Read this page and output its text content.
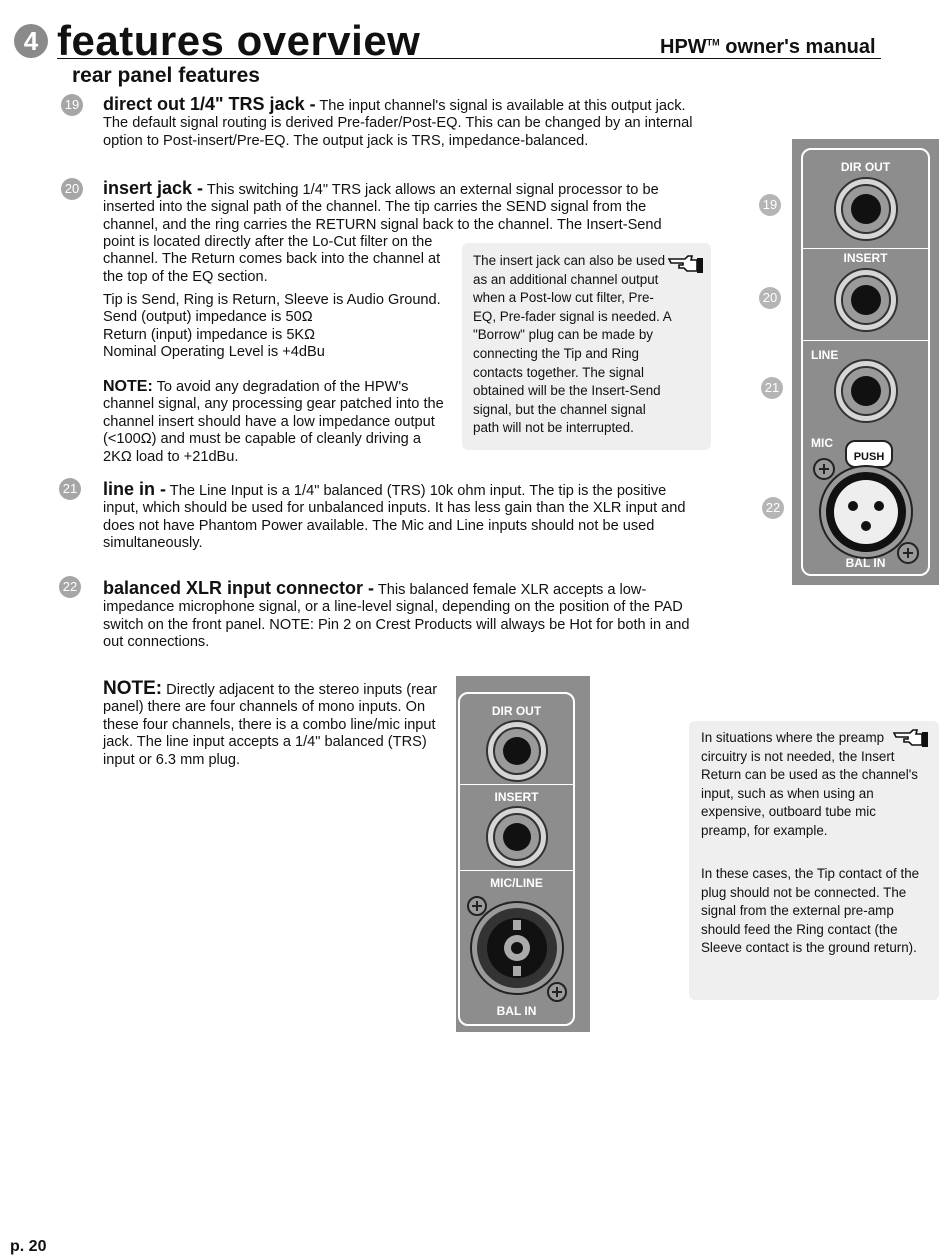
4 features overview	HPW™ owner's manual
rear panel features
19 direct out 1/4" TRS jack - The input channel's signal is available at this output jack. The default signal routing is derived Pre-fader/Post-EQ. This can be changed by an internal option to Post-insert/Pre-EQ. The output jack is TRS, impedance-balanced.
20 insert jack - This switching 1/4" TRS jack allows an external signal processor to be inserted into the signal path of the channel. The tip carries the SEND signal from the channel, and the ring carries the RETURN signal back to the channel. The Insert-Send
point is located directly after the Lo-Cut filter on the channel. The Return comes back into the channel at the top of the EQ section.
Tip is Send, Ring is Return, Sleeve is Audio Ground.
Send (output) impedance is 50Ω
Return (input) impedance is 5KΩ
Nominal Operating Level is +4dBu
NOTE: To avoid any degradation of the HPW's channel signal, any processing gear patched into the channel insert should have a low impedance output (<100Ω) and must be capable of cleanly driving a 2KΩ load to +21dBu.
The insert jack can also be used as an additional channel output when a Post-low cut filter, Pre-EQ, Pre-fader signal is needed. A "Borrow" plug can be made by connecting the Tip and Ring contacts together. The signal obtained will be the Insert-Send signal, but the channel signal path will not be interrupted.
21 line in - The Line Input is a 1/4" balanced (TRS) 10k ohm input. The tip is the positive input, which should be used for unbalanced inputs. It has less gain than the XLR input and does not have Phantom Power available. The Mic and Line inputs should not be used simultaneously.
22 balanced XLR input connector - This balanced female XLR accepts a low-impedance microphone signal, or a line-level signal, depending on the position of the PAD switch on the front panel. NOTE: Pin 2 on Crest Products will always be Hot for both in and out connections.
NOTE: Directly adjacent to the stereo inputs (rear panel) there are four channels of mono inputs. On these four channels, there is a combo line/mic input jack. The line input accepts a 1/4" balanced (TRS) input or 6.3 mm plug.
19
20
21
22
DIR OUT
INSERT
LINE
MIC
PUSH
BAL IN
DIR OUT
INSERT
MIC/LINE
BAL IN
In situations where the preamp circuitry is not needed, the Insert Return can be used as the channel's input, such as when using an expensive, outboard tube mic preamp, for example.
In these cases, the Tip contact of the plug should not be connected. The signal from the external pre-amp should feed the Ring contact (the Sleeve contact is the ground return).
p. 20
